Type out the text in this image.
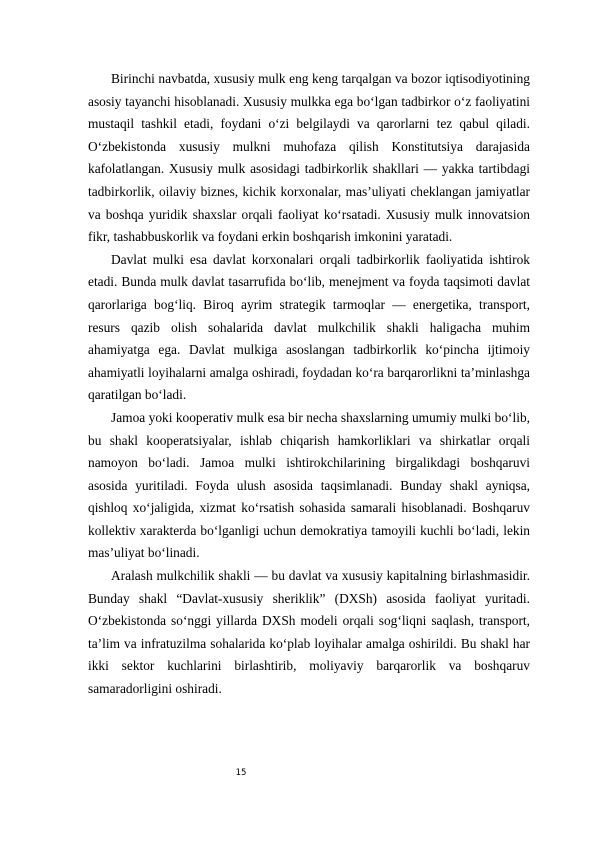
Birinchi navbatda, xususiy mulk eng keng tarqalgan va bozor iqtisodiyotining asosiy tayanchi hisoblanadi. Xususiy mulkka ega bo‘lgan tadbirkor o‘z faoliyatini mustaqil tashkil etadi, foydani o‘zi belgilaydi va qarorlarni tez qabul qiladi. O‘zbekistonda xususiy mulkni muhofaza qilish Konstitutsiya darajasida kafolatlangan. Xususiy mulk asosidagi tadbirkorlik shakllari — yakka tartibdagi tadbirkorlik, oilaviy biznes, kichik korxonalar, mas’uliyati cheklangan jamiyatlar va boshqa yuridik shaxslar orqali faoliyat ko‘rsatadi. Xususiy mulk innovatsion fikr, tashabbuskorlik va foydani erkin boshqarish imkonini yaratadi.

Davlat mulki esa davlat korxonalari orqali tadbirkorlik faoliyatida ishtirok etadi. Bunda mulk davlat tasarrufida bo‘lib, menejment va foyda taqsimoti davlat qarorlariga bog‘liq. Biroq ayrim strategik tarmoqlar — energetika, transport, resurs qazib olish sohalarida davlat mulkchilik shakli haligacha muhim ahamiyatga ega. Davlat mulkiga asoslangan tadbirkorlik ko‘pincha ijtimoiy ahamiyatli loyihalarni amalga oshiradi, foydadan ko‘ra barqarorlikni ta’minlashga qaratilgan bo‘ladi.

Jamoa yoki kooperativ mulk esa bir necha shaxslarning umumiy mulki bo‘lib, bu shakl kooperatsiyalar, ishlab chiqarish hamkorliklari va shirkatlar orqali namoyon bo‘ladi. Jamoa mulki ishtirokchilarining birgalikdagi boshqaruvi asosida yuritiladi. Foyda ulush asosida taqsimlanadi. Bunday shakl ayniqsa, qishloq xo‘jaligida, xizmat ko‘rsatish sohasida samarali hisoblanadi. Boshqaruv kollektiv xarakterda bo‘lganligi uchun demokratiya tamoyili kuchli bo‘ladi, lekin mas’uliyat bo‘linadi.

Aralash mulkchilik shakli — bu davlat va xususiy kapitalning birlashmasidir. Bunday shakl “Davlat-xususiy sheriklik” (DXSh) asosida faoliyat yuritadi. O‘zbekistonda so‘nggi yillarda DXSh modeli orqali sog‘liqni saqlash, transport, ta’lim va infratuzilma sohalarida ko‘plab loyihalar amalga oshirildi. Bu shakl har ikki sektor kuchlarini birlashtirib, moliyaviy barqarorlik va boshqaruv samaradorligini oshiradi.

15
